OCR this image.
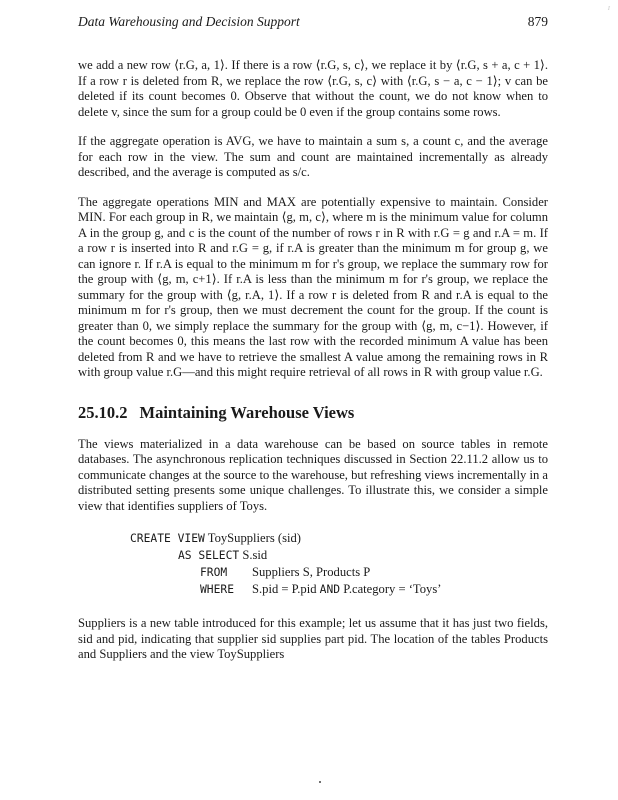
ɪ
Data Warehousing and Decision Support	879

we add a new row ⟨r.G, a, 1⟩. If there is a row ⟨r.G, s, c⟩, we replace it by ⟨r.G, s + a, c + 1⟩. If a row r is deleted from R, we replace the row ⟨r.G, s, c⟩ with ⟨r.G, s − a, c − 1⟩; v can be deleted if its count becomes 0. Observe that without the count, we do not know when to delete v, since the sum for a group could be 0 even if the group contains some rows.

If the aggregate operation is AVG, we have to maintain a sum s, a count c, and the average for each row in the view. The sum and count are maintained incrementally as already described, and the average is computed as s/c.

The aggregate operations MIN and MAX are potentially expensive to maintain. Consider MIN. For each group in R, we maintain ⟨g, m, c⟩, where m is the minimum value for column A in the group g, and c is the count of the number of rows r in R with r.G = g and r.A = m. If a row r is inserted into R and r.G = g, if r.A is greater than the minimum m for group g, we can ignore r. If r.A is equal to the minimum m for r's group, we replace the summary row for the group with ⟨g, m, c+1⟩. If r.A is less than the minimum m for r's group, we replace the summary for the group with ⟨g, r.A, 1⟩. If a row r is deleted from R and r.A is equal to the minimum m for r's group, then we must decrement the count for the group. If the count is greater than 0, we simply replace the summary for the group with ⟨g, m, c−1⟩. However, if the count becomes 0, this means the last row with the recorded minimum A value has been deleted from R and we have to retrieve the smallest A value among the remaining rows in R with group value r.G—and this might require retrieval of all rows in R with group value r.G.

25.10.2 Maintaining Warehouse Views

The views materialized in a data warehouse can be based on source tables in remote databases. The asynchronous replication techniques discussed in Section 22.11.2 allow us to communicate changes at the source to the warehouse, but refreshing views incrementally in a distributed setting presents some unique challenges. To illustrate this, we consider a simple view that identifies suppliers of Toys.

CREATE VIEW ToySuppliers (sid)
AS SELECT S.sid
FROM Suppliers S, Products P
WHERE S.pid = P.pid AND P.category = ‘Toys’

Suppliers is a new table introduced for this example; let us assume that it has just two fields, sid and pid, indicating that supplier sid supplies part pid. The location of the tables Products and Suppliers and the view ToySuppliers
